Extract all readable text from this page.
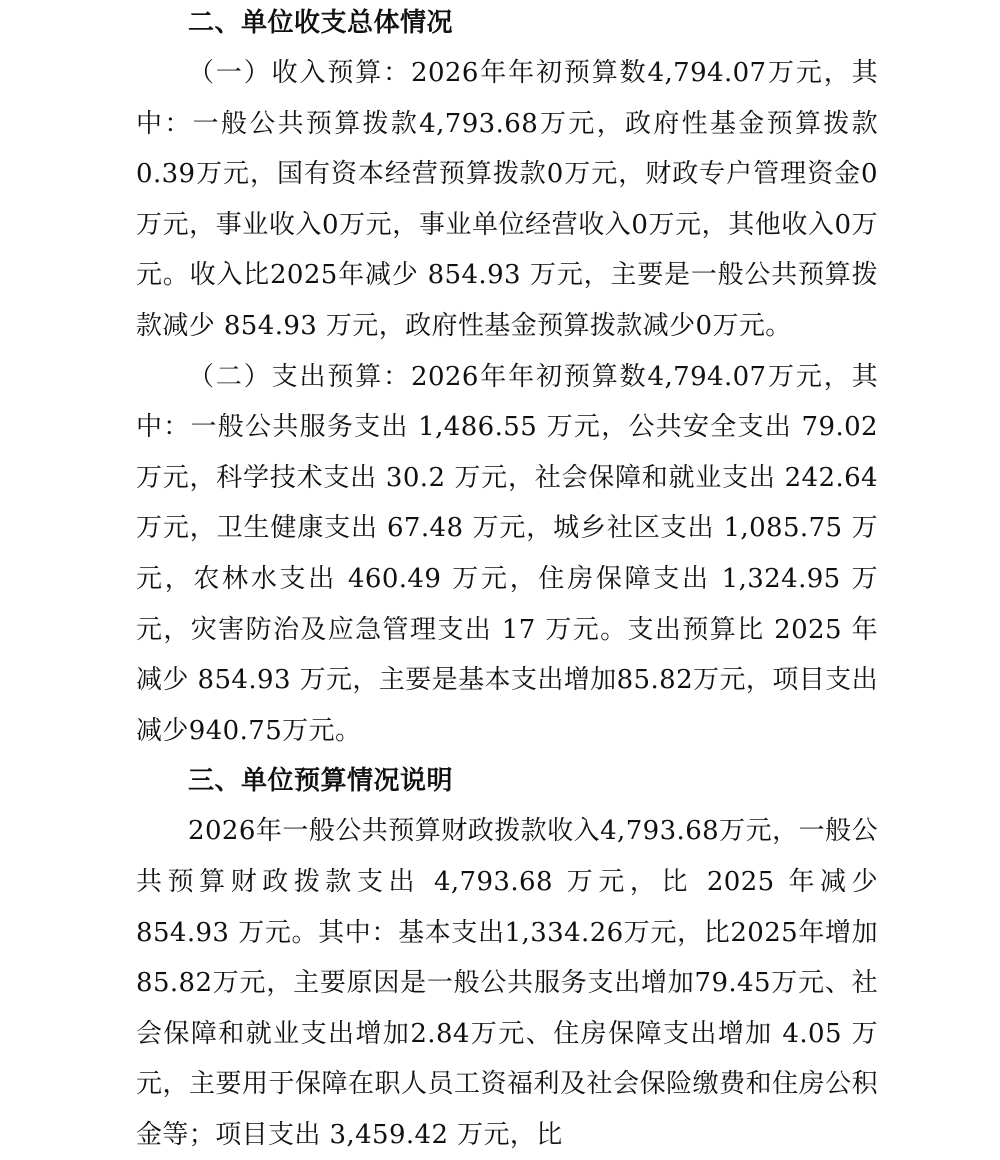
二、单位收支总体情况

（一）收入预算：2026年年初预算数4,794.07万元，其中：一般公共预算拨款4,793.68万元，政府性基金预算拨款0.39万元，国有资本经营预算拨款0万元，财政专户管理资金0万元，事业收入0万元，事业单位经营收入0万元，其他收入0万元。收入比2025年减少 854.93 万元，主要是一般公共预算拨款减少 854.93 万元，政府性基金预算拨款减少0万元。

（二）支出预算：2026年年初预算数4,794.07万元，其中：一般公共服务支出 1,486.55 万元，公共安全支出 79.02 万元，科学技术支出 30.2 万元，社会保障和就业支出 242.64 万元，卫生健康支出 67.48 万元，城乡社区支出 1,085.75 万元，农林水支出 460.49 万元，住房保障支出 1,324.95 万元，灾害防治及应急管理支出 17 万元。支出预算比 2025 年减少 854.93 万元，主要是基本支出增加85.82万元，项目支出减少940.75万元。

三、单位预算情况说明

2026年一般公共预算财政拨款收入4,793.68万元，一般公共预算财政拨款支出 4,793.68 万元，比 2025 年减少 854.93 万元。其中：基本支出1,334.26万元，比2025年增加85.82万元，主要原因是一般公共服务支出增加79.45万元、社会保障和就业支出增加2.84万元、住房保障支出增加 4.05 万元，主要用于保障在职人员工资福利及社会保险缴费和住房公积金等；项目支出 3,459.42 万元，比
